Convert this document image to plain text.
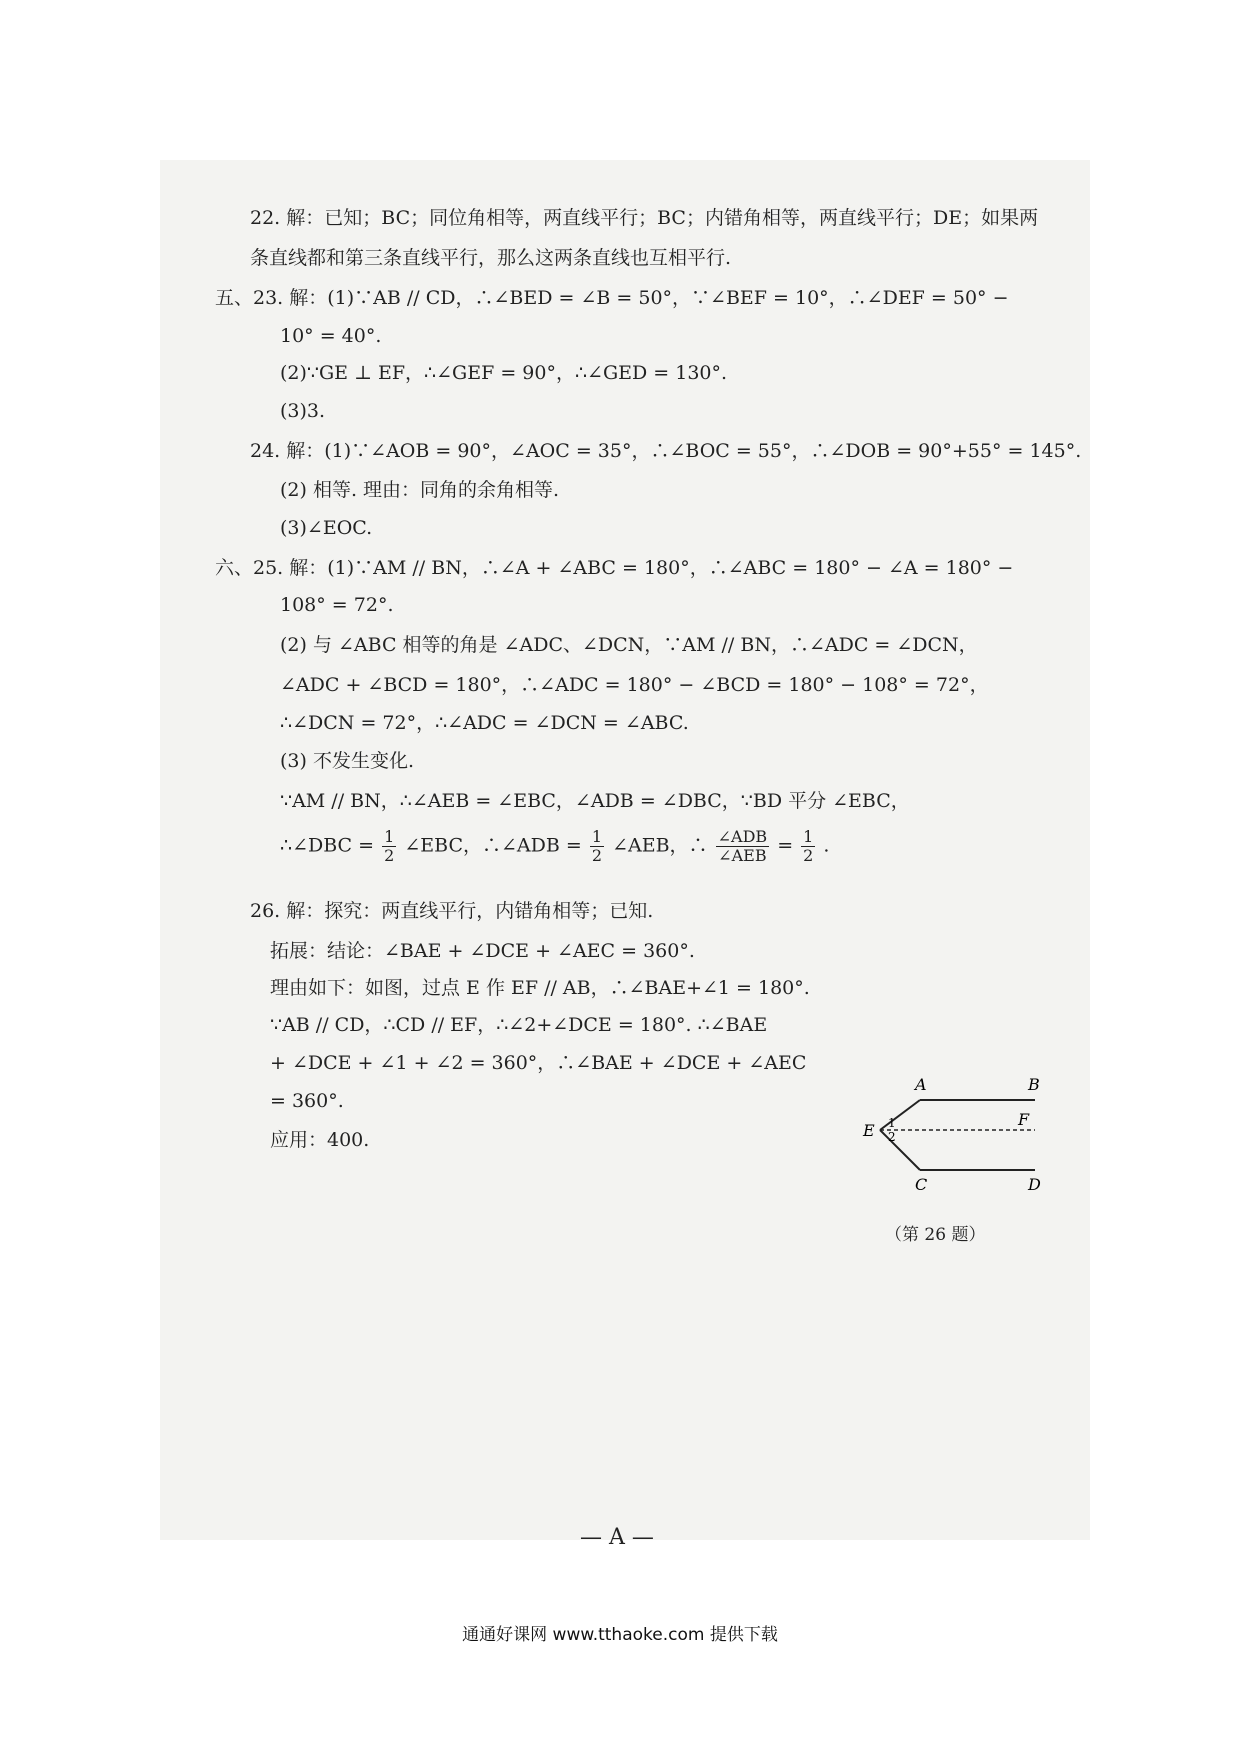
22. 解：已知；BC；同位角相等，两直线平行；BC；内错角相等，两直线平行；DE；如果两
条直线都和第三条直线平行，那么这两条直线也互相平行.
五、23. 解：(1)∵AB // CD，∴∠BED = ∠B = 50°，∵∠BEF = 10°，∴∠DEF = 50° −
10° = 40°.
(2)∵GE ⊥ EF，∴∠GEF = 90°，∴∠GED = 130°.
(3)3.
24. 解：(1)∵∠AOB = 90°，∠AOC = 35°，∴∠BOC = 55°，∴∠DOB = 90°+55° = 145°.
(2) 相等. 理由：同角的余角相等.
(3)∠EOC.
六、25. 解：(1)∵AM // BN，∴∠A + ∠ABC = 180°，∴∠ABC = 180° − ∠A = 180° −
108° = 72°.
(2) 与 ∠ABC 相等的角是 ∠ADC、∠DCN，∵AM // BN，∴∠ADC = ∠DCN，
∠ADC + ∠BCD = 180°，∴∠ADC = 180° − ∠BCD = 180° − 108° = 72°，
∴∠DCN = 72°，∴∠ADC = ∠DCN = ∠ABC.
(3) 不发生变化.
∵AM // BN，∴∠AEB = ∠EBC，∠ADB = ∠DBC，∵BD 平分 ∠EBC，
∴∠DBC = $\frac{1}{2}$ ∠EBC，∴∠ADB = $\frac{1}{2}$ ∠AEB，∴ $\frac{\text{∠ADB}}{\text{∠AEB}} = \frac{1}{2}$ .
26. 解：探究：两直线平行，内错角相等；已知.
拓展：结论：∠BAE + ∠DCE + ∠AEC = 360°.
理由如下：如图，过点 E 作 EF // AB，∴∠BAE+∠1 = 180°.
∵AB // CD，∴CD // EF，∴∠2+∠DCE = 180°. ∴∠BAE
+ ∠DCE + ∠1 + ∠2 = 360°，∴∠BAE + ∠DCE + ∠AEC
= 360°.
应用：400.
A	B
E
F
1
2
C	D
（第 26 题）
— A —
通通好课网 www.tthaoke.com 提供下载
